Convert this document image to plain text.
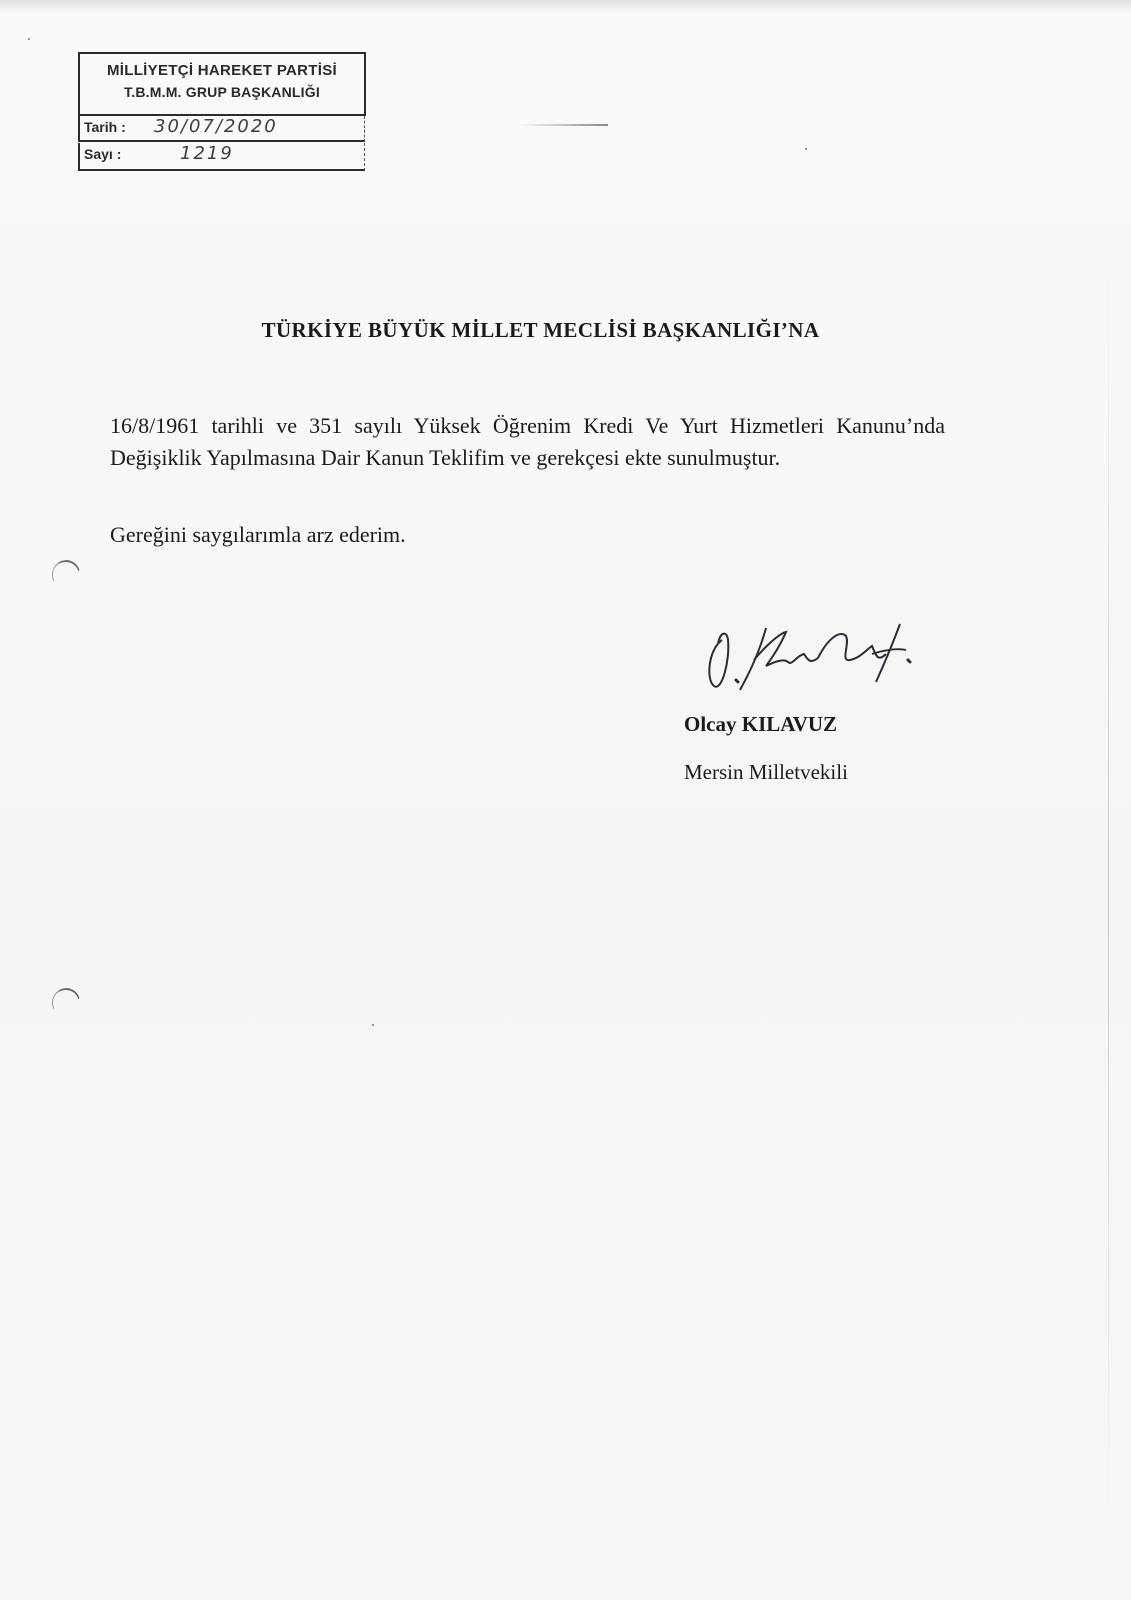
MİLLİYETÇİ HAREKET PARTİSİ
T.B.M.M. GRUP BAŞKANLIĞI
Tarih : 30/07/2020
Sayı :	1219
TÜRKİYE BÜYÜK MİLLET MECLİSİ BAŞKANLIĞI’NA

16/8/1961 tarihli ve 351 sayılı Yüksek Öğrenim Kredi Ve Yurt Hizmetleri Kanunu’nda Değişiklik Yapılmasına Dair Kanun Teklifim ve gerekçesi ekte sunulmuştur.

Gereğini saygılarımla arz ederim.

Olcay KILAVUZ
Mersin Milletvekili
